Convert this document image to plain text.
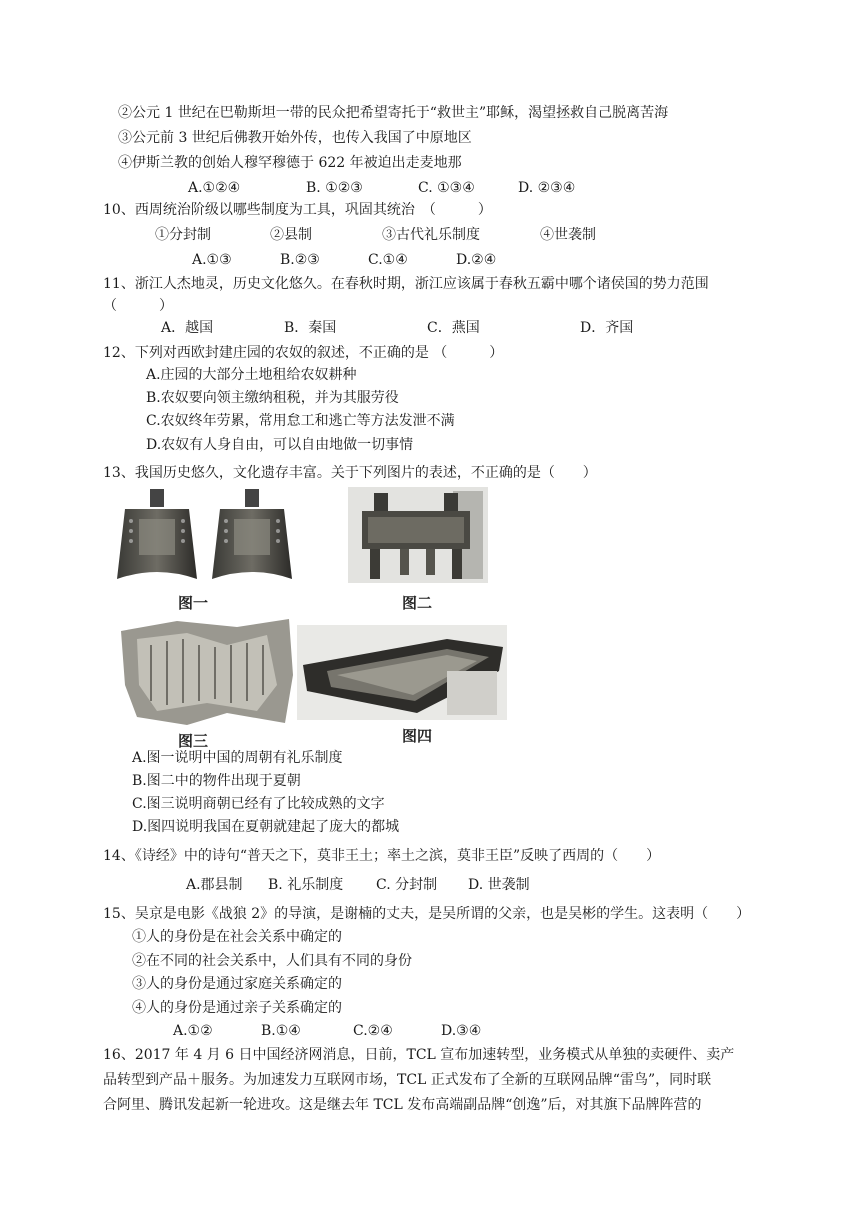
②公元 1 世纪在巴勒斯坦一带的民众把希望寄托于“救世主”耶稣，渴望拯救自己脱离苦海
③公元前 3 世纪后佛教开始外传，也传入我国了中原地区
④伊斯兰教的创始人穆罕穆德于 622 年被迫出走麦地那
A.①②④	B. ①②③	C. ①③④	D. ②③④
10、西周统治阶级以哪些制度为工具，巩固其统治　（　　　）
①分封制	②县制	③古代礼乐制度	④世袭制
A.①③	B.②③	C.①④	D.②④
11、浙江人杰地灵，历史文化悠久。在春秋时期，浙江应该属于春秋五霸中哪个诸侯国的势力范围
（　　　）
A．越国	B．秦国	C．燕国	D．齐国
12、下列对西欧封建庄园的农奴的叙述，不正确的是 （　　　）
A.庄园的大部分土地租给农奴耕种
B.农奴要向领主缴纳租税，并为其服劳役
C.农奴终年劳累，常用怠工和逃亡等方法发泄不满
D.农奴有人身自由，可以自由地做一切事情
13、我国历史悠久，文化遗存丰富。关于下列图片的表述，不正确的是（　　）
图一	图二
图三	图四
A.图一说明中国的周朝有礼乐制度
B.图二中的物件出现于夏朝
C.图三说明商朝已经有了比较成熟的文字
D.图四说明我国在夏朝就建起了庞大的都城
14、《诗经》中的诗句“普天之下，莫非王土；率土之滨，莫非王臣”反映了西周的（　　）
A.郡县制 B. 礼乐制度 C. 分封制 D. 世袭制
15、吴京是电影《战狼 2》的导演，是谢楠的丈夫，是吴所谓的父亲，也是吴彬的学生。这表明（　　）
①人的身份是在社会关系中确定的
②在不同的社会关系中，人们具有不同的身份
③人的身份是通过家庭关系确定的
④人的身份是通过亲子关系确定的
A.①②	B.①④	C.②④	D.③④
16、2017 年 4 月 6 日中国经济网消息，日前，TCL 宣布加速转型，业务模式从单独的卖硬件、卖产
品转型到产品＋服务。为加速发力互联网市场，TCL 正式发布了全新的互联网品牌“雷鸟”，同时联
合阿里、腾讯发起新一轮进攻。这是继去年 TCL 发布高端副品牌“创逸”后，对其旗下品牌阵营的
